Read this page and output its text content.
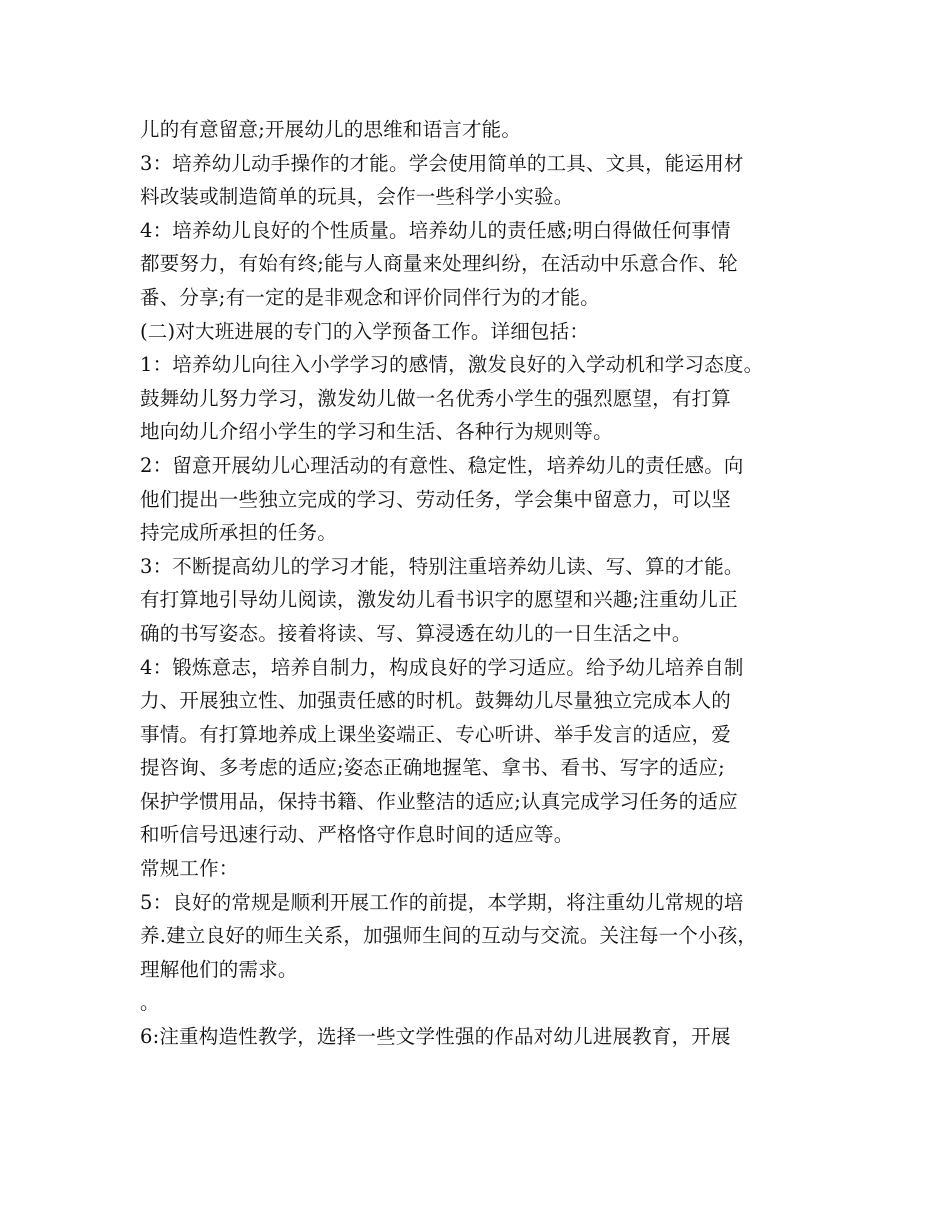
儿的有意留意;开展幼儿的思维和语言才能。
3：培养幼儿动手操作的才能。学会使用简单的工具、文具，能运用材
料改装或制造简单的玩具，会作一些科学小实验。
4：培养幼儿良好的个性质量。培养幼儿的责任感;明白得做任何事情
都要努力，有始有终;能与人商量来处理纠纷，在活动中乐意合作、轮
番、分享;有一定的是非观念和评价同伴行为的才能。
(二)对大班进展的专门的入学预备工作。详细包括：
1：培养幼儿向往入小学学习的感情，激发良好的入学动机和学习态度。
鼓舞幼儿努力学习，激发幼儿做一名优秀小学生的强烈愿望，有打算
地向幼儿介绍小学生的学习和生活、各种行为规则等。
2：留意开展幼儿心理活动的有意性、稳定性，培养幼儿的责任感。向
他们提出一些独立完成的学习、劳动任务，学会集中留意力，可以坚
持完成所承担的任务。
3：不断提高幼儿的学习才能，特别注重培养幼儿读、写、算的才能。
有打算地引导幼儿阅读，激发幼儿看书识字的愿望和兴趣;注重幼儿正
确的书写姿态。接着将读、写、算浸透在幼儿的一日生活之中。
4：锻炼意志，培养自制力，构成良好的学习适应。给予幼儿培养自制
力、开展独立性、加强责任感的时机。鼓舞幼儿尽量独立完成本人的
事情。有打算地养成上课坐姿端正、专心听讲、举手发言的适应，爱
提咨询、多考虑的适应;姿态正确地握笔、拿书、看书、写字的适应;
保护学惯用品，保持书籍、作业整洁的适应;认真完成学习任务的适应
和听信号迅速行动、严格恪守作息时间的适应等。
常规工作：
5：良好的常规是顺利开展工作的前提，本学期，将注重幼儿常规的培
养.建立良好的师生关系，加强师生间的互动与交流。关注每一个小孩，
理解他们的需求。
。
6:注重构造性教学，选择一些文学性强的作品对幼儿进展教育，开展
